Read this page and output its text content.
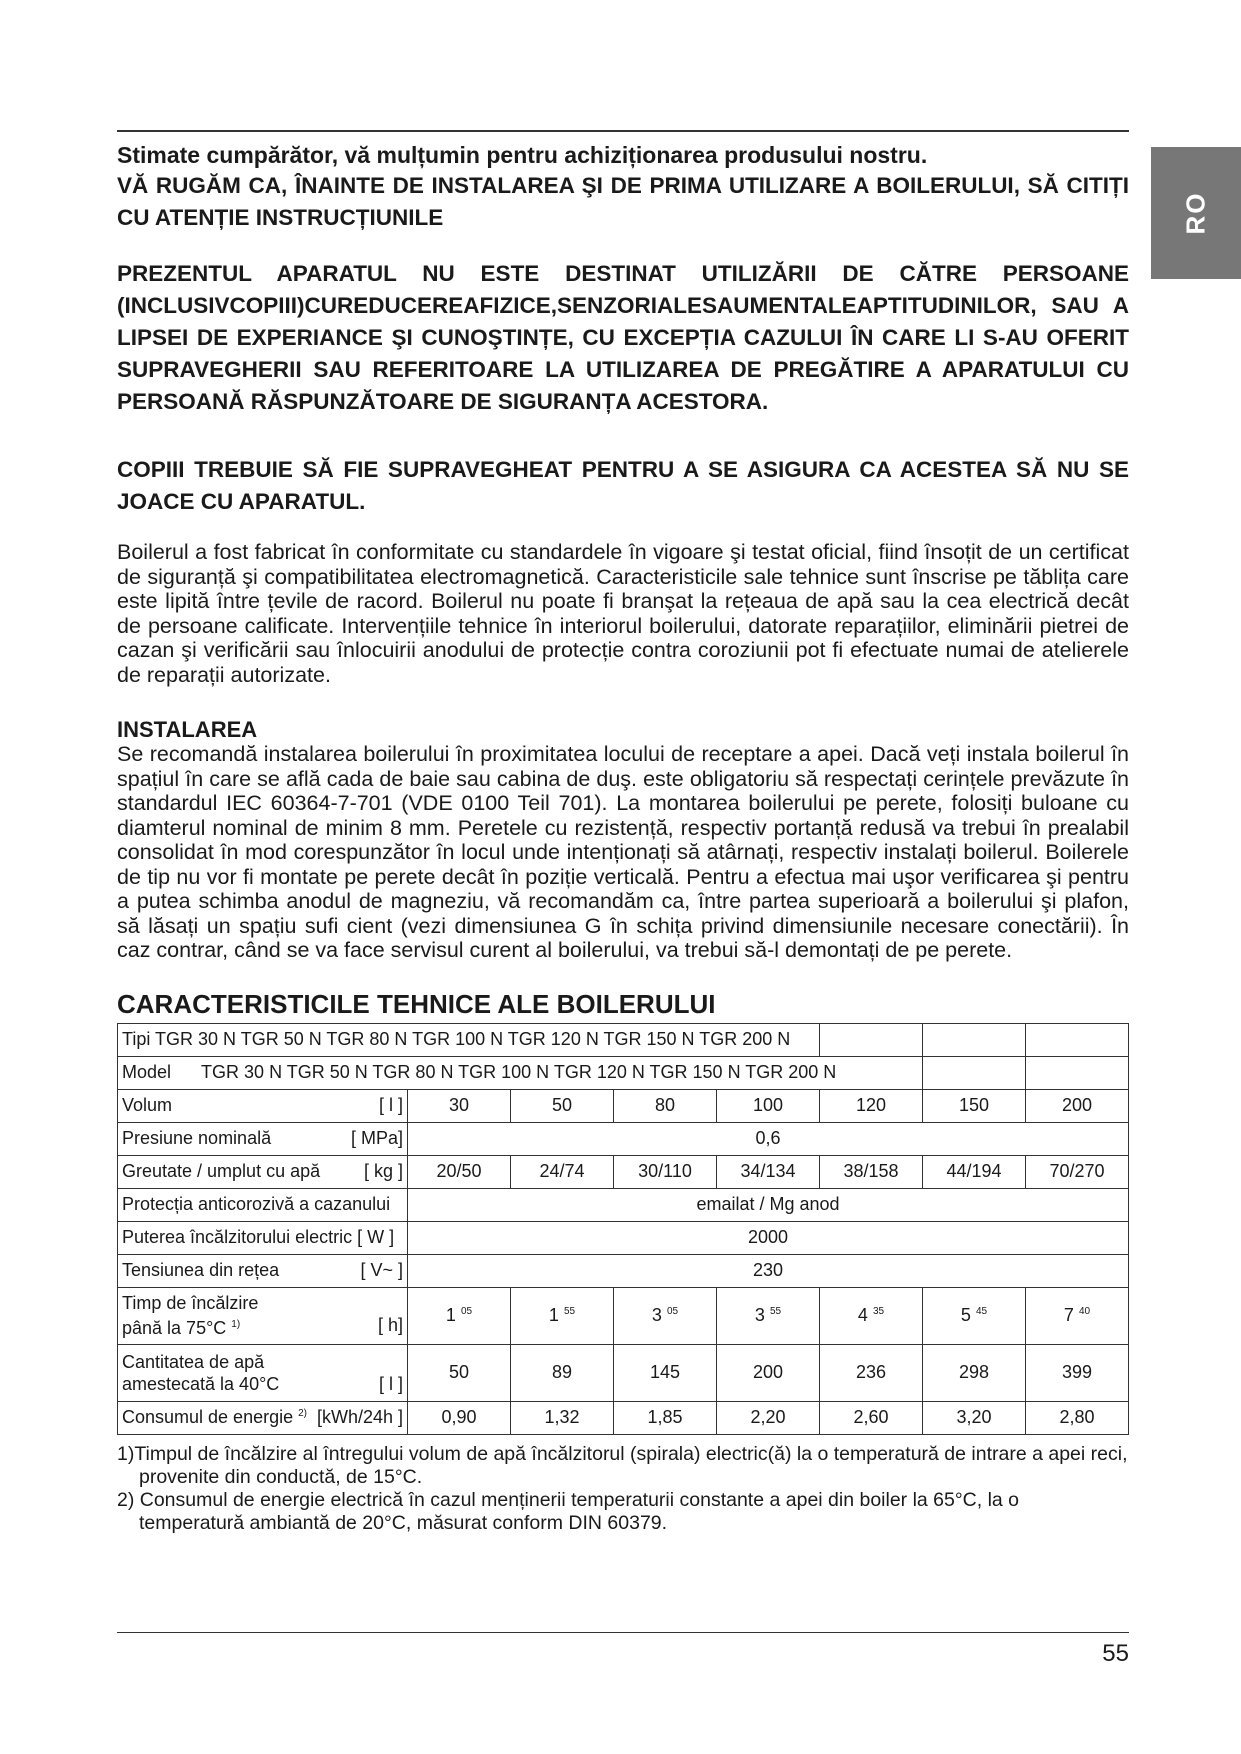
RO

Stimate cumpărător, vă mulțumin pentru achiziționarea produsului nostru.

VĂ RUGĂM CA, ÎNAINTE DE INSTALAREA ŞI DE PRIMA UTILIZARE A BOILERULUI, SĂ CITIȚI CU ATENȚIE INSTRUCȚIUNILE

PREZENTUL APARATUL NU ESTE DESTINAT UTILIZĂRII DE CĂTRE PERSOANE (INCLUSIVCOPIII)CUREDUCEREAFIZICE,SENZORIALESAUMENTALEAPTITUDINILOR, SAU A LIPSEI DE EXPERIANCE ŞI CUNOŞTINȚE, CU EXCEPȚIA CAZULUI ÎN CARE LI S-AU OFERIT SUPRAVEGHERII SAU REFERITOARE LA UTILIZAREA DE PREGĂTIRE A APARATULUI CU PERSOANĂ RĂSPUNZĂTOARE DE SIGURANȚA ACESTORA.

COPIII TREBUIE SĂ FIE SUPRAVEGHEAT PENTRU A SE ASIGURA CA ACESTEA SĂ NU SE JOACE CU APARATUL.

Boilerul a fost fabricat în conformitate cu standardele în vigoare şi testat oficial, fiind însoțit de un certificat de siguranță şi compatibilitatea electromagnetică. Caracteristicile sale tehnice sunt înscrise pe tăblița care este lipită între țevile de racord. Boilerul nu poate fi branşat la rețeaua de apă sau la cea electrică decât de persoane calificate. Intervențiile tehnice în interiorul boilerului, datorate reparațiilor, eliminării pietrei de cazan şi verificării sau înlocuirii anodului de protecție contra coroziunii pot fi efectuate numai de atelierele de reparații autorizate.

INSTALAREA

Se recomandă instalarea boilerului în proximitatea locului de receptare a apei. Dacă veți instala boilerul în spațiul în care se află cada de baie sau cabina de duş. este obligatoriu să respectați cerințele prevăzute în standardul IEC 60364-7-701 (VDE 0100 Teil 701). La montarea boilerului pe perete, folosiți buloane cu diamterul nominal de minim 8 mm. Peretele cu rezistență, respectiv portanță redusă va trebui în prealabil consolidat în mod corespunzător în locul unde intenționați să atârnați, respectiv instalați boilerul. Boilerele de tip nu vor fi montate pe perete decât în poziție verticală. Pentru a efectua mai uşor verificarea şi pentru a putea schimba anodul de magneziu, vă recomandăm ca, între partea superioară a boilerului şi plafon, să lăsați un spațiu sufi cient (vezi dimensiunea G în schița privind dimensiunile necesare conectării). În caz contrar, când se va face servisul curent al boilerului, va trebui să-l demontați de pe perete.

CARACTERISTICILE TEHNICE ALE BOILERULUI
Tipi TGR 30 N TGR 50 N TGR 80 N TGR 100 N TGR 120 N TGR 150 N TGR 200 N							
Model TGR 30 N TGR 50 N TGR 80 N TGR 100 N TGR 120 N TGR 150 N TGR 200 N							

Volum [ l ]	30	50	80	100	120	150	200

Presiune nominală [ MPa]	0,6						

Greutate / umplut cu apă [ kg ]	20/50	24/74	30/110	34/134	38/158	44/194	70/270
Protecția anticorozivă a cazanului	emailat / Mg anod						
Puterea încălzitorului electric [ W ]	2000						

Tensiunea din rețea [ V~ ]	230						

Timp de încălzire
până la 75°C $^{1)}$ [ h]	1 $^{05}$	1 $^{55}$	3 $^{05}$	3 $^{55}$	4 $^{35}$	5 $^{45}$	7 $^{40}$

Cantitatea de apă
amestecată la 40°C [ l ]	50	89	145	200	236	298	399

Consumul de energie $^{2)}$ [kWh/24h ]	0,90	1,32	1,85	2,20	2,60	3,20	2,80

1)Timpul de încălzire al întregului volum de apă încălzitorul (spirala) electric(ă) la o temperatură de intrare a apei reci, provenite din conductă, de 15°C.

2) Consumul de energie electrică în cazul menținerii temperaturii constante a apei din boiler la 65°C, la o temperatură ambiantă de 20°C, măsurat conform DIN 60379.

55
